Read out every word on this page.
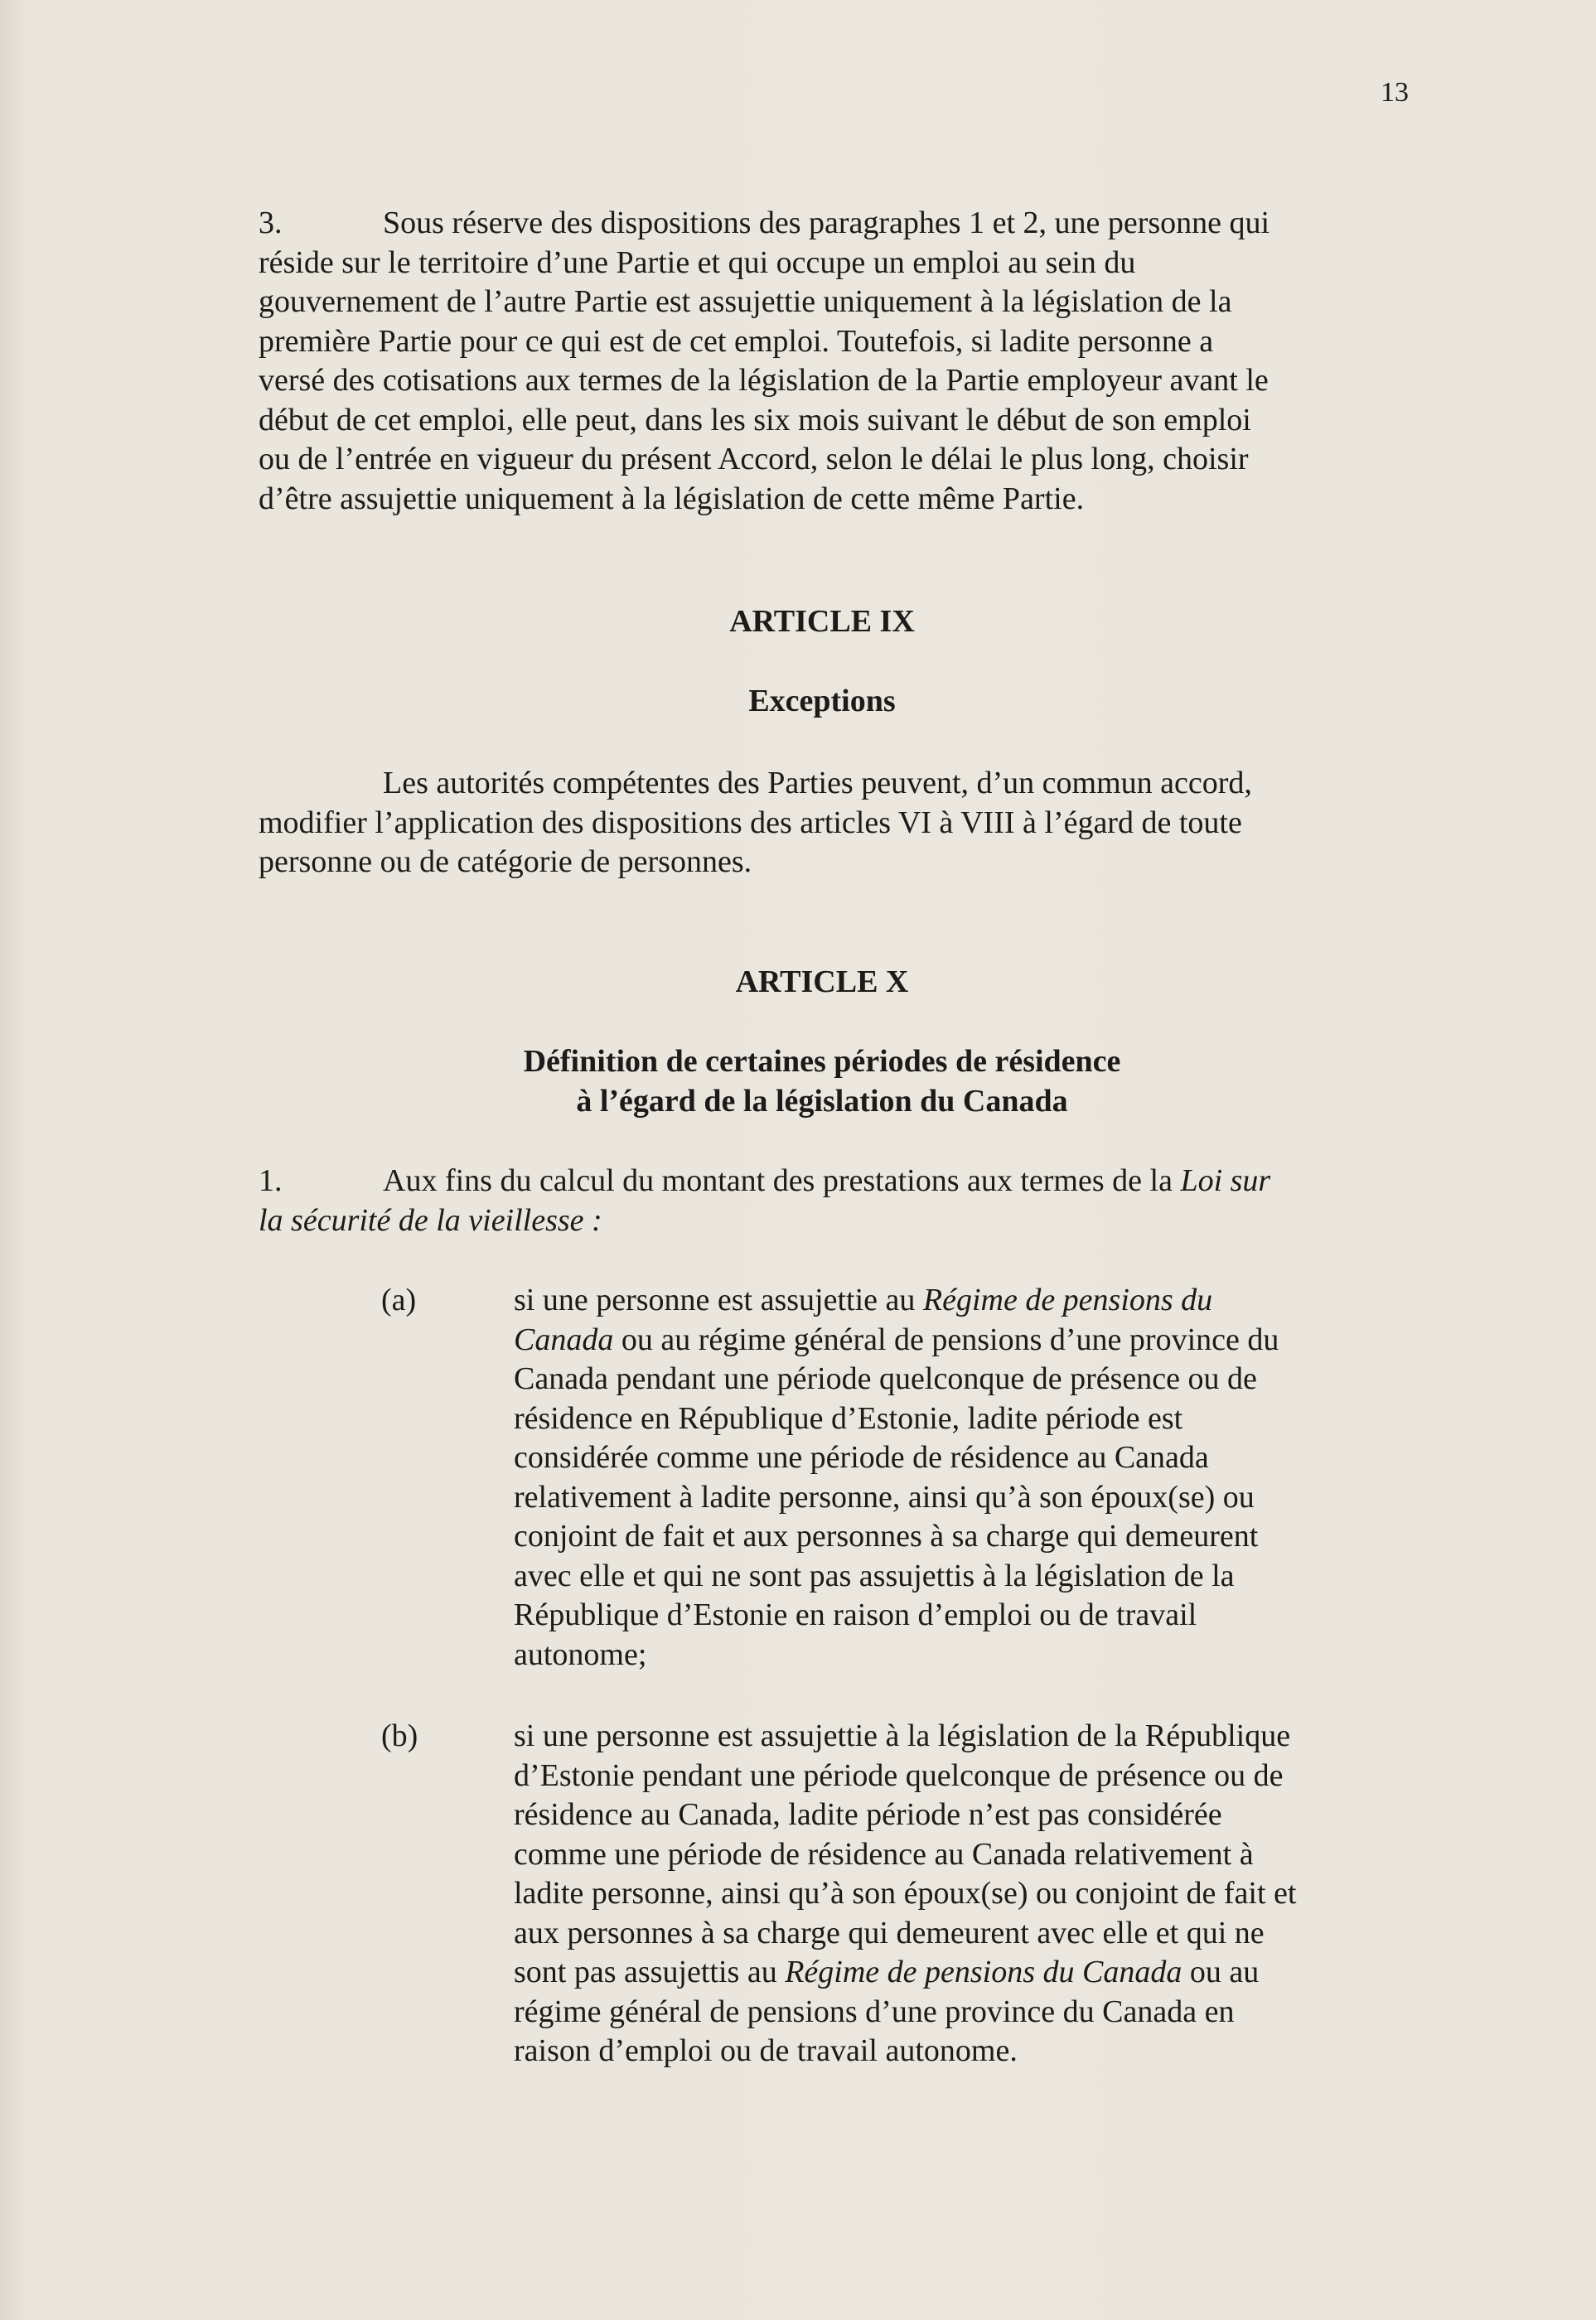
13
3.	Sous réserve des dispositions des paragraphes 1 et 2, une personne qui
réside sur le territoire d’une Partie et qui occupe un emploi au sein du
gouvernement de l’autre Partie est assujettie uniquement à la législation de la
première Partie pour ce qui est de cet emploi. Toutefois, si ladite personne a
versé des cotisations aux termes de la législation de la Partie employeur avant le
début de cet emploi, elle peut, dans les six mois suivant le début de son emploi
ou de l’entrée en vigueur du présent Accord, selon le délai le plus long, choisir
d’être assujettie uniquement à la législation de cette même Partie.
ARTICLE IX
Exceptions
Les autorités compétentes des Parties peuvent, d’un commun accord,
modifier l’application des dispositions des articles VI à VIII à l’égard de toute
personne ou de catégorie de personnes.
ARTICLE X
Définition de certaines périodes de résidence
à l’égard de la législation du Canada
1.	Aux fins du calcul du montant des prestations aux termes de la Loi sur
la sécurité de la vieillesse :
(a)	si une personne est assujettie au Régime de pensions du
Canada ou au régime général de pensions d’une province du
Canada pendant une période quelconque de présence ou de
résidence en République d’Estonie, ladite période est
considérée comme une période de résidence au Canada
relativement à ladite personne, ainsi qu’à son époux(se) ou
conjoint de fait et aux personnes à sa charge qui demeurent
avec elle et qui ne sont pas assujettis à la législation de la
République d’Estonie en raison d’emploi ou de travail
autonome;
(b)	si une personne est assujettie à la législation de la République
d’Estonie pendant une période quelconque de présence ou de
résidence au Canada, ladite période n’est pas considérée
comme une période de résidence au Canada relativement à
ladite personne, ainsi qu’à son époux(se) ou conjoint de fait et
aux personnes à sa charge qui demeurent avec elle et qui ne
sont pas assujettis au Régime de pensions du Canada ou au
régime général de pensions d’une province du Canada en
raison d’emploi ou de travail autonome.
